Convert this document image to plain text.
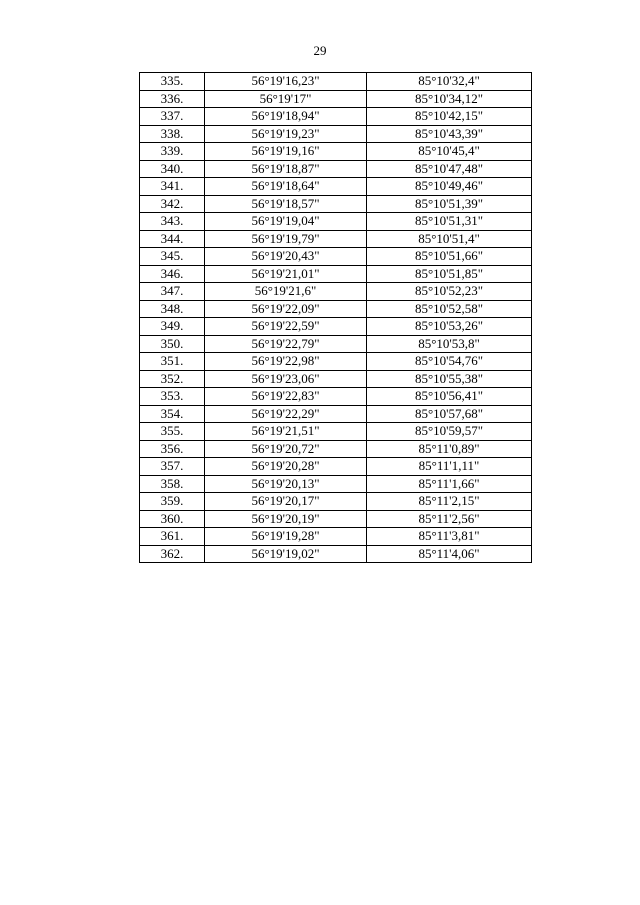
29
335.	56°19'16,23"	85°10'32,4"
336.	56°19'17"	85°10'34,12"
337.	56°19'18,94"	85°10'42,15"
338.	56°19'19,23"	85°10'43,39"
339.	56°19'19,16"	85°10'45,4"
340.	56°19'18,87"	85°10'47,48"
341.	56°19'18,64"	85°10'49,46"
342.	56°19'18,57"	85°10'51,39"
343.	56°19'19,04"	85°10'51,31"
344.	56°19'19,79"	85°10'51,4"
345.	56°19'20,43"	85°10'51,66"
346.	56°19'21,01"	85°10'51,85"
347.	56°19'21,6"	85°10'52,23"
348.	56°19'22,09"	85°10'52,58"
349.	56°19'22,59"	85°10'53,26"
350.	56°19'22,79"	85°10'53,8"
351.	56°19'22,98"	85°10'54,76"
352.	56°19'23,06"	85°10'55,38"
353.	56°19'22,83"	85°10'56,41"
354.	56°19'22,29"	85°10'57,68"
355.	56°19'21,51"	85°10'59,57"
356.	56°19'20,72"	85°11'0,89"
357.	56°19'20,28"	85°11'1,11"
358.	56°19'20,13"	85°11'1,66"
359.	56°19'20,17"	85°11'2,15"
360.	56°19'20,19"	85°11'2,56"
361.	56°19'19,28"	85°11'3,81"
362.	56°19'19,02"	85°11'4,06"
